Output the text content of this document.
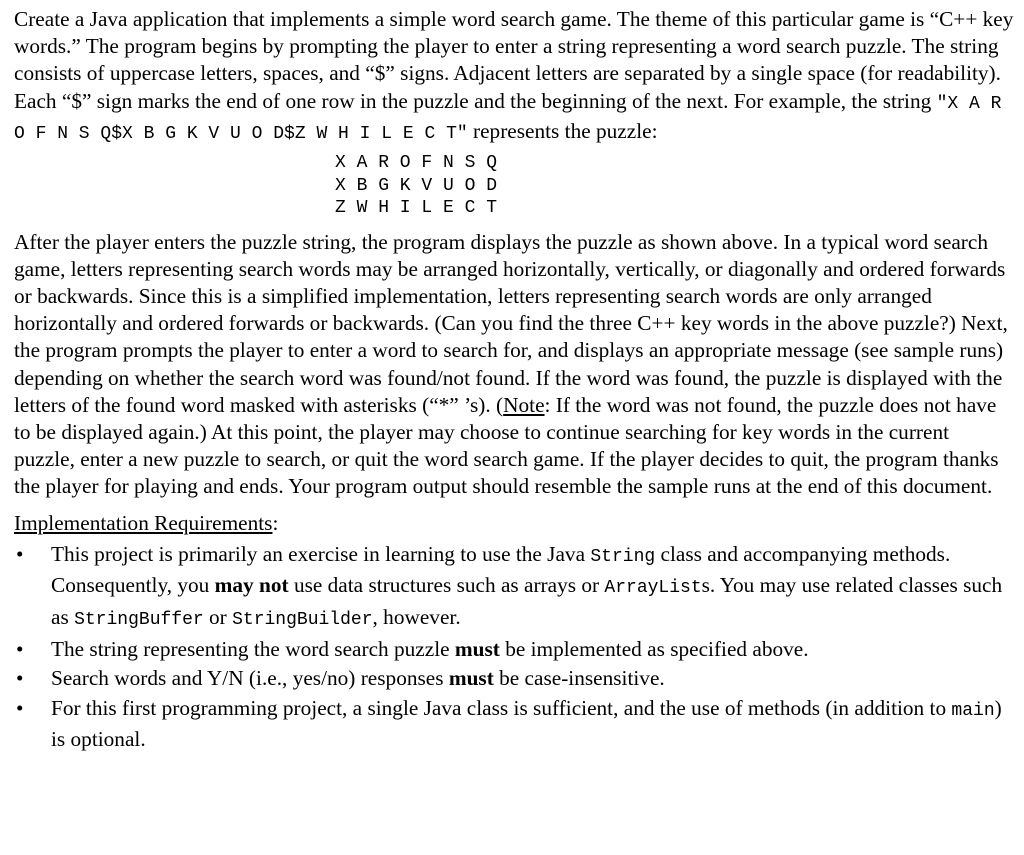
Create a Java application that implements a simple word search game. The theme of this particular game is “C++ key words.” The program begins by prompting the player to enter a string representing a word search puzzle. The string consists of uppercase letters, spaces, and “$” signs. Adjacent letters are separated by a single space (for readability). Each “$” sign marks the end of one row in the puzzle and the beginning of the next. For example, the string "X A R O F N S Q$X B G K V U O D$Z W H I L E C T" represents the puzzle:

X A R O F N S Q
X B G K V U O D
Z W H I L E C T

After the player enters the puzzle string, the program displays the puzzle as shown above. In a typical word search game, letters representing search words may be arranged horizontally, vertically, or diagonally and ordered forwards or backwards. Since this is a simplified implementation, letters representing search words are only arranged horizontally and ordered forwards or backwards. (Can you find the three C++ key words in the above puzzle?) Next, the program prompts the player to enter a word to search for, and displays an appropriate message (see sample runs) depending on whether the search word was found/not found. If the word was found, the puzzle is displayed with the letters of the found word masked with asterisks (“*” ’s). (Note: If the word was not found, the puzzle does not have to be displayed again.) At this point, the player may choose to continue searching for key words in the current puzzle, enter a new puzzle to search, or quit the word search game. If the player decides to quit, the program thanks the player for playing and ends. Your program output should resemble the sample runs at the end of this document.

Implementation Requirements:

• This project is primarily an exercise in learning to use the Java String class and accompanying methods. Consequently, you may not use data structures such as arrays or ArrayLists. You may use related classes such as StringBuffer or StringBuilder, however.
• The string representing the word search puzzle must be implemented as specified above.
• Search words and Y/N (i.e., yes/no) responses must be case-insensitive.
• For this first programming project, a single Java class is sufficient, and the use of methods (in addition to main) is optional.
